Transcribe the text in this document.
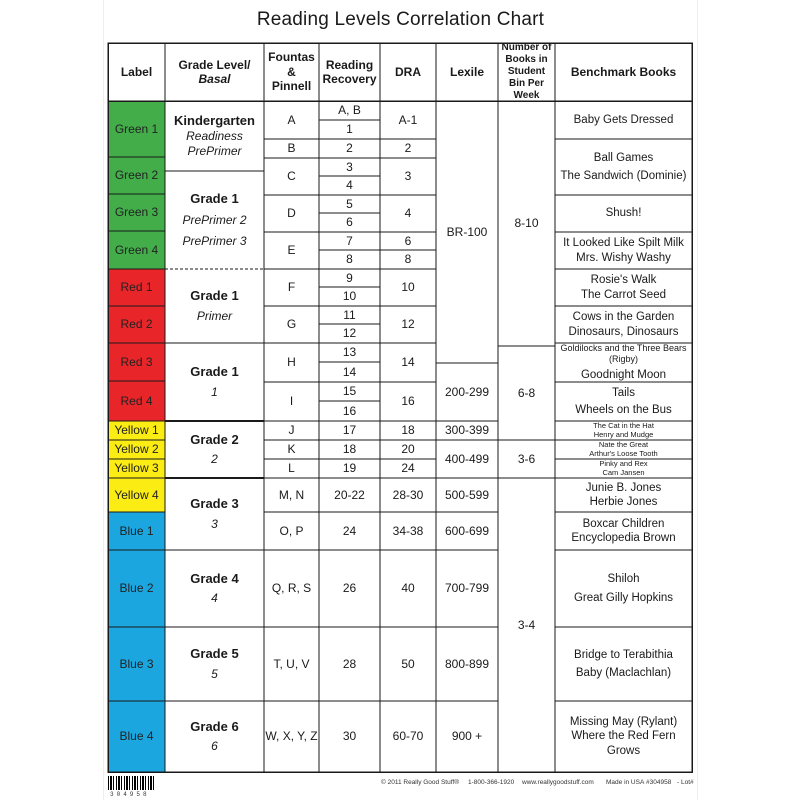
Reading Levels Correlation Chart
Label
Grade Level/
Basal
Fountas & Pinnell
Reading Recovery
DRA	Lexile
Number of Books in Student Bin Per Week
Benchmark Books
Green 1
Green 2
Green 3
Green 4
Red 1
Red 2
Red 3
Red 4
Yellow 1
Yellow 2
Yellow 3
Yellow 4
Blue 1
Blue 2
Blue 3
Blue 4
Kindergarten
Readiness
PrePrimer
Grade 1
PrePrimer 2
PrePrimer 3
Grade 1
Primer
Grade 1
1
Grade 2
2
Grade 3
3
Grade 4
4
Grade 5
5
Grade 6
6
A
B
C
D
E
F
G
H
I
J
K
L
M, N
O, P
Q, R, S
T, U, V
W, X, Y, Z
A, B
1
2
3
4
5
6
7
8
9
10
11
12
13
14
15
16
17
18
19
20-22
24
26
28
30
A-1
2
3
4
6
8
10
12
14
16
18
20
24
28-30
34-38
40
50
60-70
BR-100
200-299
300-399
400-499
500-599
600-699
700-799
800-899
900 +
8-10
6-8
3-6
3-4
Baby Gets Dressed
Ball Games
The Sandwich (Dominie)
Shush!
It Looked Like Spilt Milk
Mrs. Wishy Washy
Rosie's Walk
The Carrot Seed
Cows in the Garden
Dinosaurs, Dinosaurs
Goldilocks and the Three Bears (Rigby)
Goodnight Moon
Tails
Wheels on the Bus
The Cat in the Hat
Henry and Mudge
Nate the Great
Arthur's Loose Tooth
Pinky and Rex
Cam Jansen
Junie B. Jones
Herbie Jones
Boxcar Children
Encyclopedia Brown
Shiloh
Great Gilly Hopkins
Bridge to Terabithia
Baby (Maclachlan)
Missing May (Rylant)
Where the Red Fern Grows
304958
© 2011 Really Good Stuff® 1-800-366-1920 www.reallygoodstuff.com Made in USA #304958 - Lot#
